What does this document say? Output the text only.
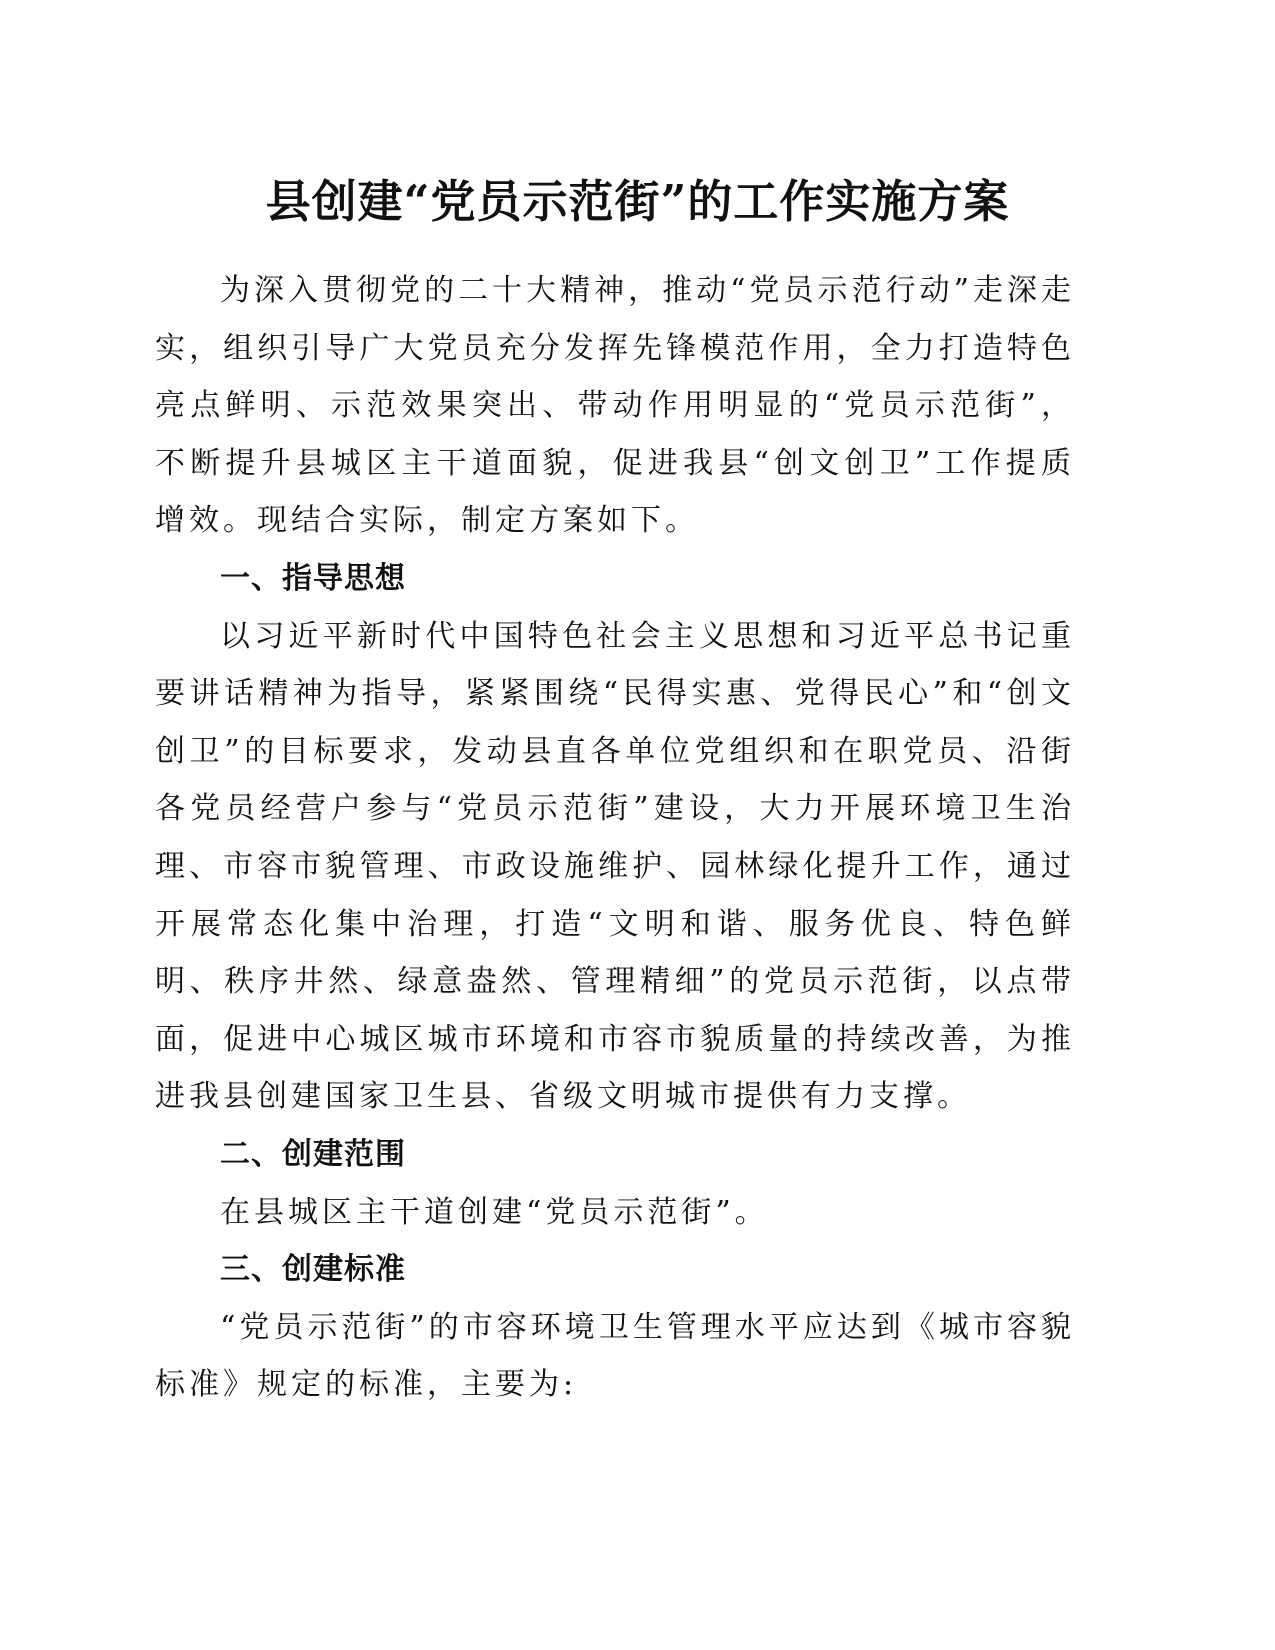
县创建“党员示范街”的工作实施方案

为深入贯彻党的二十大精神，推动“党员示范行动”走深走实，组织引导广大党员充分发挥先锋模范作用，全力打造特色亮点鲜明、示范效果突出、带动作用明显的“党员示范街”，不断提升县城区主干道面貌，促进我县“创文创卫”工作提质增效。现结合实际，制定方案如下。

一、指导思想

以习近平新时代中国特色社会主义思想和习近平总书记重要讲话精神为指导，紧紧围绕“民得实惠、党得民心”和“创文创卫”的目标要求，发动县直各单位党组织和在职党员、沿街各党员经营户参与“党员示范街”建设，大力开展环境卫生治理、市容市貌管理、市政设施维护、园林绿化提升工作，通过开展常态化集中治理，打造“文明和谐、服务优良、特色鲜明、秩序井然、绿意盎然、管理精细”的党员示范街，以点带面，促进中心城区城市环境和市容市貌质量的持续改善，为推进我县创建国家卫生县、省级文明城市提供有力支撑。

二、创建范围

在县城区主干道创建“党员示范街”。

三、创建标准

“党员示范街”的市容环境卫生管理水平应达到《城市容貌标准》规定的标准，主要为:
